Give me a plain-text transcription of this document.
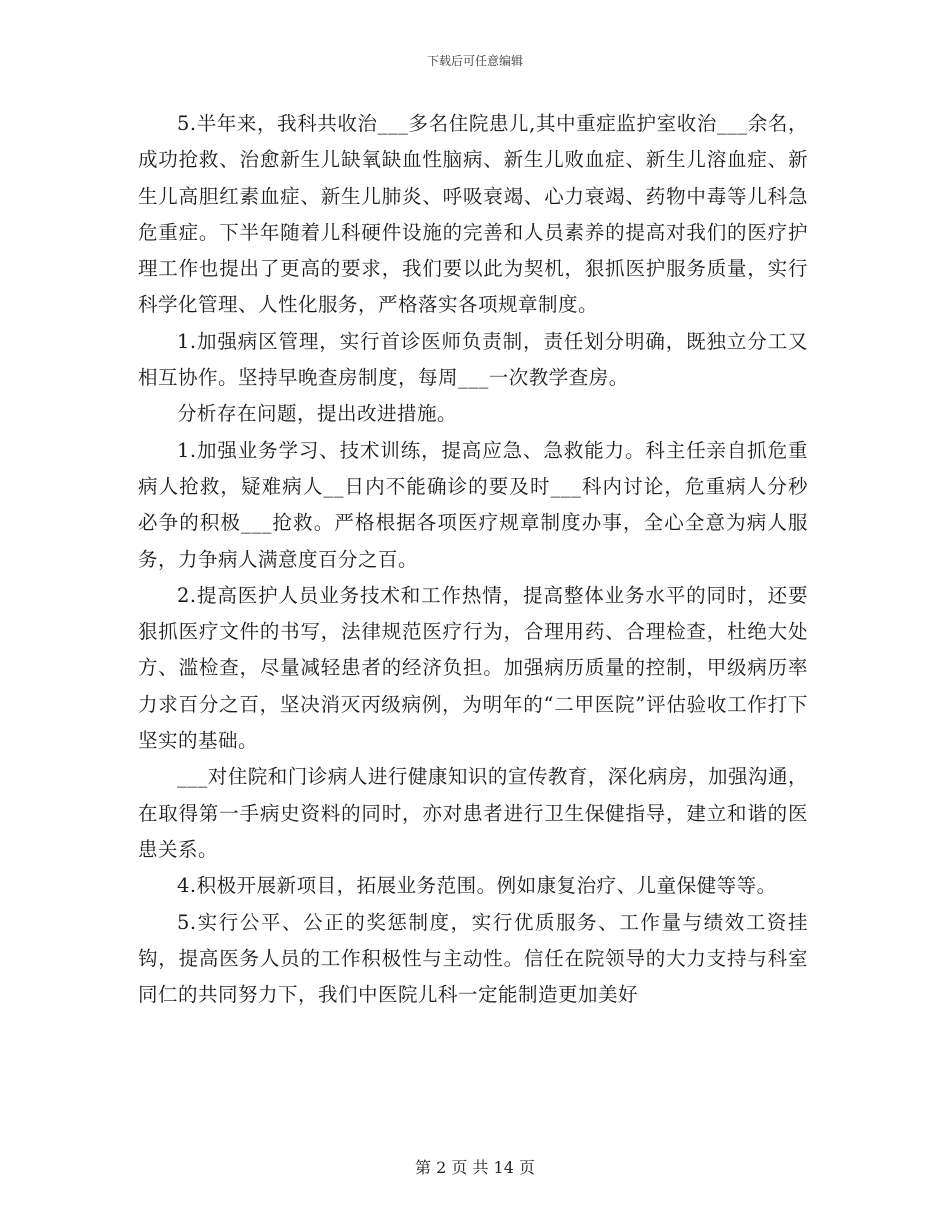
下载后可任意编辑

5.半年来，我科共收治___多名住院患儿,其中重症监护室收治___余名，成功抢救、治愈新生儿缺氧缺血性脑病、新生儿败血症、新生儿溶血症、新生儿高胆红素血症、新生儿肺炎、呼吸衰竭、心力衰竭、药物中毒等儿科急危重症。下半年随着儿科硬件设施的完善和人员素养的提高对我们的医疗护理工作也提出了更高的要求，我们要以此为契机，狠抓医护服务质量，实行科学化管理、人性化服务，严格落实各项规章制度。

1.加强病区管理，实行首诊医师负责制，责任划分明确，既独立分工又相互协作。坚持早晚查房制度，每周___一次教学查房。

分析存在问题，提出改进措施。

1.加强业务学习、技术训练，提高应急、急救能力。科主任亲自抓危重病人抢救，疑难病人__日内不能确诊的要及时___科内讨论，危重病人分秒必争的积极___抢救。严格根据各项医疗规章制度办事，全心全意为病人服务，力争病人满意度百分之百。

2.提高医护人员业务技术和工作热情，提高整体业务水平的同时，还要狠抓医疗文件的书写，法律规范医疗行为，合理用药、合理检查，杜绝大处方、滥检查，尽量减轻患者的经济负担。加强病历质量的控制，甲级病历率力求百分之百，坚决消灭丙级病例，为明年的“二甲医院”评估验收工作打下坚实的基础。

___对住院和门诊病人进行健康知识的宣传教育，深化病房，加强沟通，在取得第一手病史资料的同时，亦对患者进行卫生保健指导，建立和谐的医患关系。

4.积极开展新项目，拓展业务范围。例如康复治疗、儿童保健等等。

5.实行公平、公正的奖惩制度，实行优质服务、工作量与绩效工资挂钩，提高医务人员的工作积极性与主动性。信任在院领导的大力支持与科室同仁的共同努力下，我们中医院儿科一定能制造更加美好

第 2 页 共 14 页
